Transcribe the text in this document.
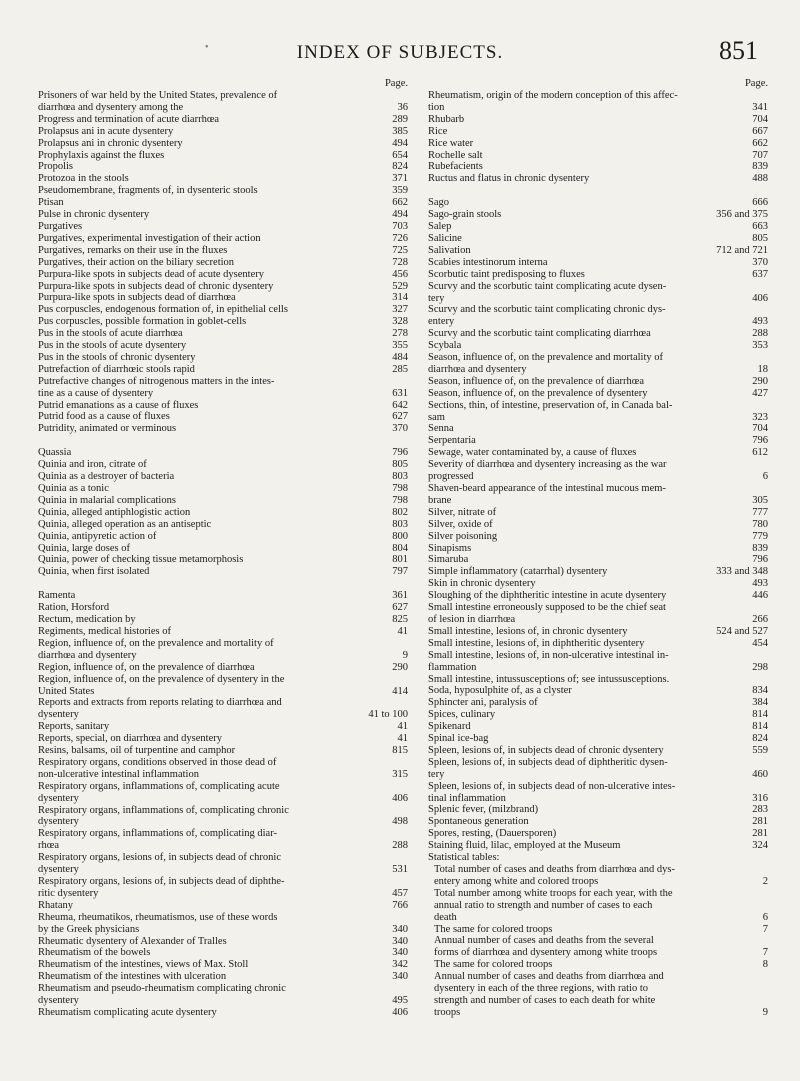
•	INDEX OF SUBJECTS.	851
Page.
Prisoners of war held by the United States, prevalence of
36
diarrhœa and dysentery among the
289
Progress and termination of acute diarrhœa
385
Prolapsus ani in acute dysentery
494
Prolapsus ani in chronic dysentery
654
Prophylaxis against the fluxes
824
Propolis
371
Protozoa in the stools
359
Pseudomembrane, fragments of, in dysenteric stools
662
Ptisan
494
Pulse in chronic dysentery
703
Purgatives
726
Purgatives, experimental investigation of their action
725
Purgatives, remarks on their use in the fluxes
728
Purgatives, their action on the biliary secretion
456
Purpura-like spots in subjects dead of acute dysentery
529
Purpura-like spots in subjects dead of chronic dysentery
314
Purpura-like spots in subjects dead of diarrhœa
327
Pus corpuscles, endogenous formation of, in epithelial cells
328
Pus corpuscles, possible formation in goblet-cells
278
Pus in the stools of acute diarrhœa
355
Pus in the stools of acute dysentery
484
Pus in the stools of chronic dysentery
285
Putrefaction of diarrhœic stools rapid
Putrefactive changes of nitrogenous matters in the intes-
631
tine as a cause of dysentery
642
Putrid emanations as a cause of fluxes
627
Putrid food as a cause of fluxes
370
Putridity, animated or verminous
796
Quassia
805
Quinia and iron, citrate of
803
Quinia as a destroyer of bacteria
798
Quinia as a tonic
798
Quinia in malarial complications
802
Quinia, alleged antiphlogistic action
803
Quinia, alleged operation as an antiseptic
800
Quinia, antipyretic action of
804
Quinia, large doses of
801
Quinia, power of checking tissue metamorphosis
797
Quinia, when first isolated
361
Ramenta
627
Ration, Horsford
825
Rectum, medication by
41
Regiments, medical histories of
Region, influence of, on the prevalence and mortality of
9
diarrhœa and dysentery
290
Region, influence of, on the prevalence of diarrhœa
Region, influence of, on the prevalence of dysentery in the
414
United States
Reports and extracts from reports relating to diarrhœa and
41 to 100
dysentery
41
Reports, sanitary
41
Reports, special, on diarrhœa and dysentery
815
Resins, balsams, oil of turpentine and camphor
Respiratory organs, conditions observed in those dead of
315
non-ulcerative intestinal inflammation
Respiratory organs, inflammations of, complicating acute
406
dysentery
Respiratory organs, inflammations of, complicating chronic
498
dysentery
Respiratory organs, inflammations of, complicating diar-
288
rhœa
Respiratory organs, lesions of, in subjects dead of chronic
531
dysentery
Respiratory organs, lesions of, in subjects dead of diphthe-
457
ritic dysentery
766
Rhatany
Rheuma, rheumatikos, rheumatismos, use of these words
340
by the Greek physicians
340
Rheumatic dysentery of Alexander of Tralles
340
Rheumatism of the bowels
342
Rheumatism of the intestines, views of Max. Stoll
340
Rheumatism of the intestines with ulceration
Rheumatism and pseudo-rheumatism complicating chronic
495
dysentery
406
Rheumatism complicating acute dysentery
Page.
Rheumatism, origin of the modern conception of this affec-
341
tion
704
Rhubarb
667
Rice
662
Rice water
707
Rochelle salt
839
Rubefacients
488
Ructus and flatus in chronic dysentery
666
Sago
356 and 375
Sago-grain stools
663
Salep
805
Salicine
712 and 721
Salivation
370
Scabies intestinorum interna
637
Scorbutic taint predisposing to fluxes
Scurvy and the scorbutic taint complicating acute dysen-
406
tery
Scurvy and the scorbutic taint complicating chronic dys-
493
entery
288
Scurvy and the scorbutic taint complicating diarrhœa
353
Scybala
Season, influence of, on the prevalence and mortality of
18
diarrhœa and dysentery
290
Season, influence of, on the prevalence of diarrhœa
427
Season, influence of, on the prevalence of dysentery
Sections, thin, of intestine, preservation of, in Canada bal-
323
sam
704
Senna
796
Serpentaria
612
Sewage, water contaminated by, a cause of fluxes
Severity of diarrhœa and dysentery increasing as the war
6
progressed
Shaven-beard appearance of the intestinal mucous mem-
305
brane
777
Silver, nitrate of
780
Silver, oxide of
779
Silver poisoning
839
Sinapisms
796
Simaruba
333 and 348
Simple inflammatory (catarrhal) dysentery
493
Skin in chronic dysentery
446
Sloughing of the diphtheritic intestine in acute dysentery
Small intestine erroneously supposed to be the chief seat
266
of lesion in diarrhœa
524 and 527
Small intestine, lesions of, in chronic dysentery
454
Small intestine, lesions of, in diphtheritic dysentery
Small intestine, lesions of, in non-ulcerative intestinal in-
298
flammation
Small intestine, intussusceptions of; see intussusceptions.
834
Soda, hyposulphite of, as a clyster
384
Sphincter ani, paralysis of
814
Spices, culinary
814
Spikenard
824
Spinal ice-bag
559
Spleen, lesions of, in subjects dead of chronic dysentery
Spleen, lesions of, in subjects dead of diphtheritic dysen-
460
tery
Spleen, lesions of, in subjects dead of non-ulcerative intes-
316
tinal inflammation
283
Splenic fever, (milzbrand)
281
Spontaneous generation
281
Spores, resting, (Dauersporen)
324
Staining fluid, lilac, employed at the Museum
Statistical tables:
Total number of cases and deaths from diarrhœa and dys-
2
entery among white and colored troops
Total number among white troops for each year, with the
annual ratio to strength and number of cases to each
6
death
7
The same for colored troops
Annual number of cases and deaths from the several
7
forms of diarrhœa and dysentery among white troops
8
The same for colored troops
Annual number of cases and deaths from diarrhœa and
dysentery in each of the three regions, with ratio to
strength and number of cases to each death for white
9
troops
